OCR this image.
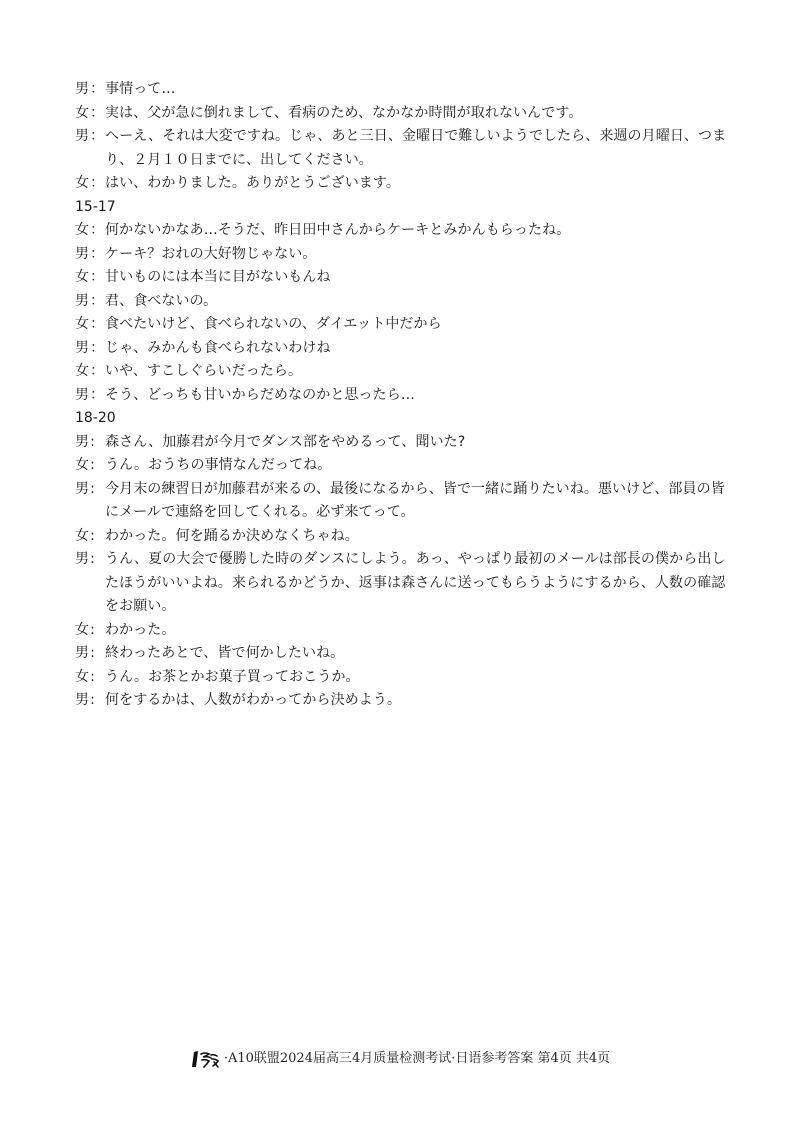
男： 事情って…
女： 実は、父が急に倒れまして、看病のため、なかなか時間が取れないんです。
男： へーえ、それは大変ですね。じゃ、あと三日、金曜日で難しいようでしたら、来週の月曜日、つまり、２月１０日までに、出してください。
女： はい、わかりました。ありがとうございます。
15-17
女： 何かないかなあ…そうだ、昨日田中さんからケーキとみかんもらったね。
男： ケーキ？おれの大好物じゃない。
女： 甘いものには本当に目がないもんね
男： 君、食べないの。
女： 食べたいけど、食べられないの、ダイエット中だから
男： じゃ、みかんも食べられないわけね
女： いや、すこしぐらいだったら。
男： そう、どっちも甘いからだめなのかと思ったら…
18-20
男: 森さん、加藤君が今月でダンス部をやめるって、聞いた?
女: うん。おうちの事情なんだってね。
男: 今月末の練習日が加藤君が来るの、最後になるから、皆で一緒に踊りたいね。悪いけど、部員の皆にメールで連絡を回してくれる。必ず来てって。
女: わかった。何を踊るか決めなくちゃね。
男: うん、夏の大会で優勝した時のダンスにしよう。あっ、やっぱり最初のメールは部長の僕から出したほうがいいよね。来られるかどうか、返事は森さんに送ってもらうようにするから、人数の確認をお願い。
女: わかった。
男: 終わったあとで、皆で何かしたいね。
女: うん。お茶とかお菓子買っておこうか。
男: 何をするかは、人数がわかってから決めよう。
·A10联盟2024届高三4月质量检测考试·日语参考答案 第4页 共4页
